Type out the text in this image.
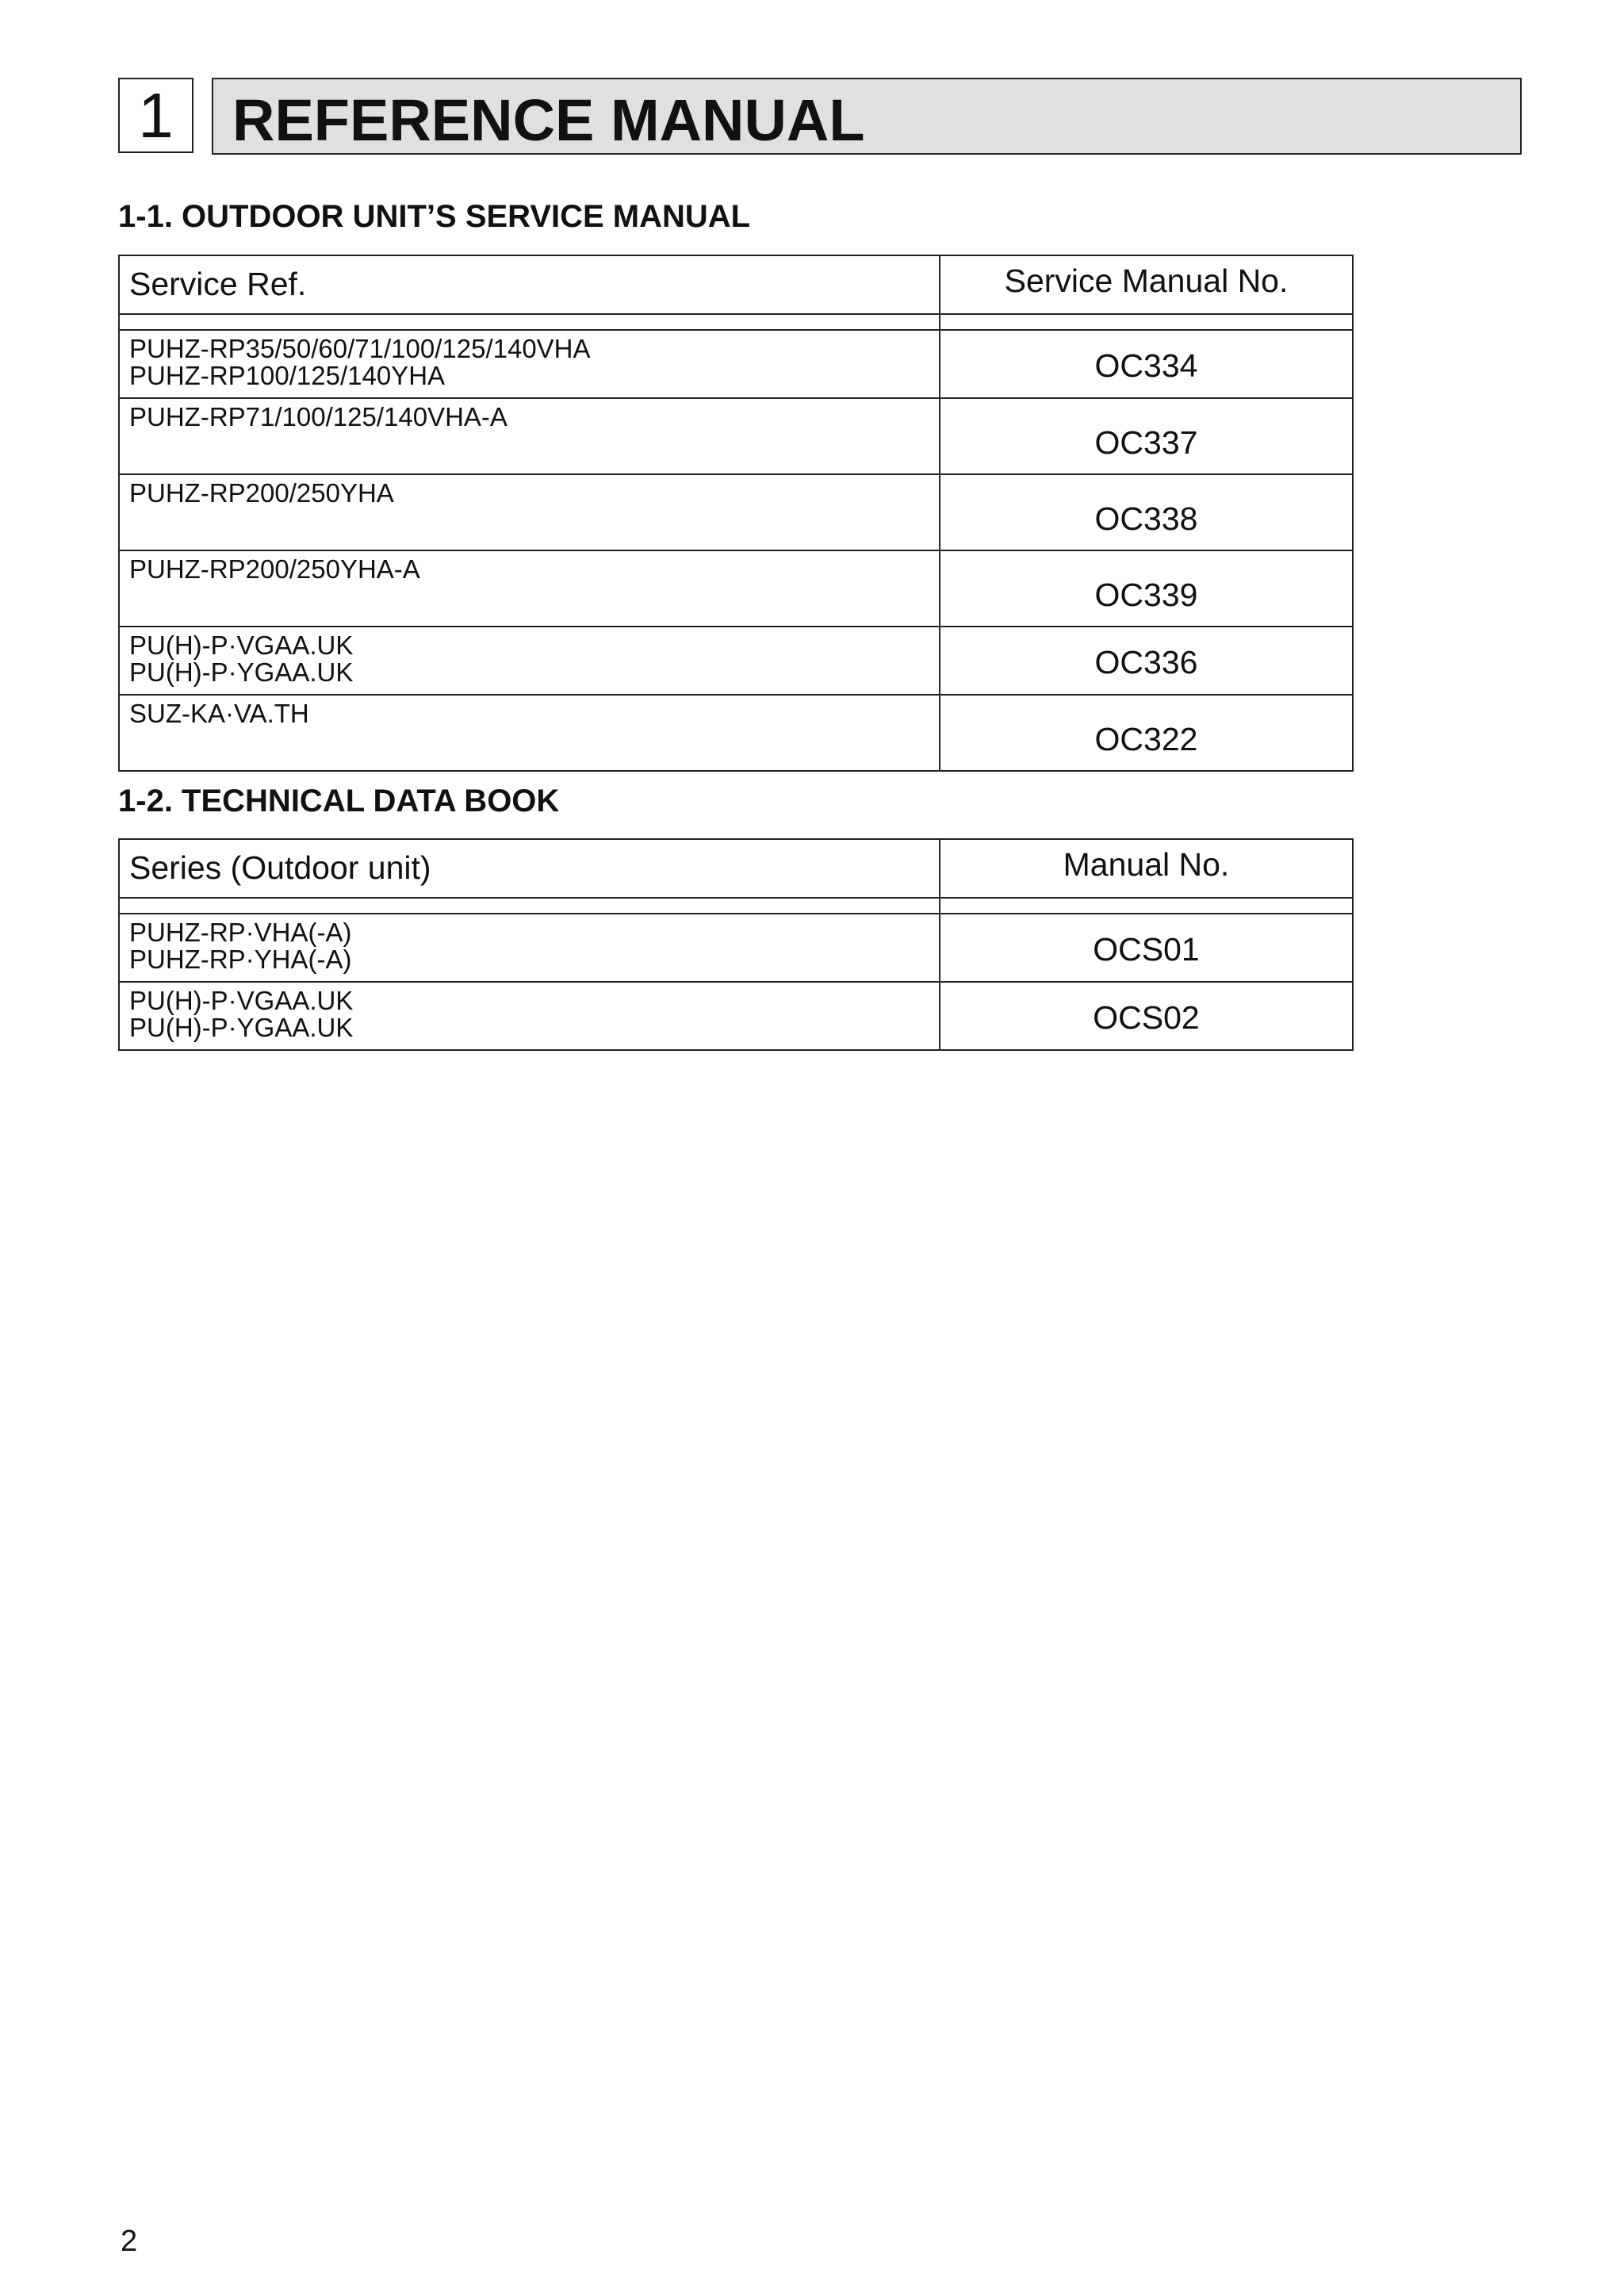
1	REFERENCE MANUAL
1-1. OUTDOOR UNIT’S SERVICE MANUAL
Service Ref.	Service Manual No.

PUHZ-RP35/50/60/71/100/125/140VHA
PUHZ-RP100/125/140YHA	OC334

PUHZ-RP71/100/125/140VHA-A	OC337

PUHZ-RP200/250YHA	OC338

PUHZ-RP200/250YHA-A	OC339

PU(H)-P·VGAA.UK
PU(H)-P·YGAA.UK	OC336

SUZ-KA·VA.TH	OC322
1-2. TECHNICAL DATA BOOK
Series (Outdoor unit)	Manual No.

PUHZ-RP·VHA(-A)
PUHZ-RP·YHA(-A)	OCS01

PU(H)-P·VGAA.UK
PU(H)-P·YGAA.UK	OCS02
2
